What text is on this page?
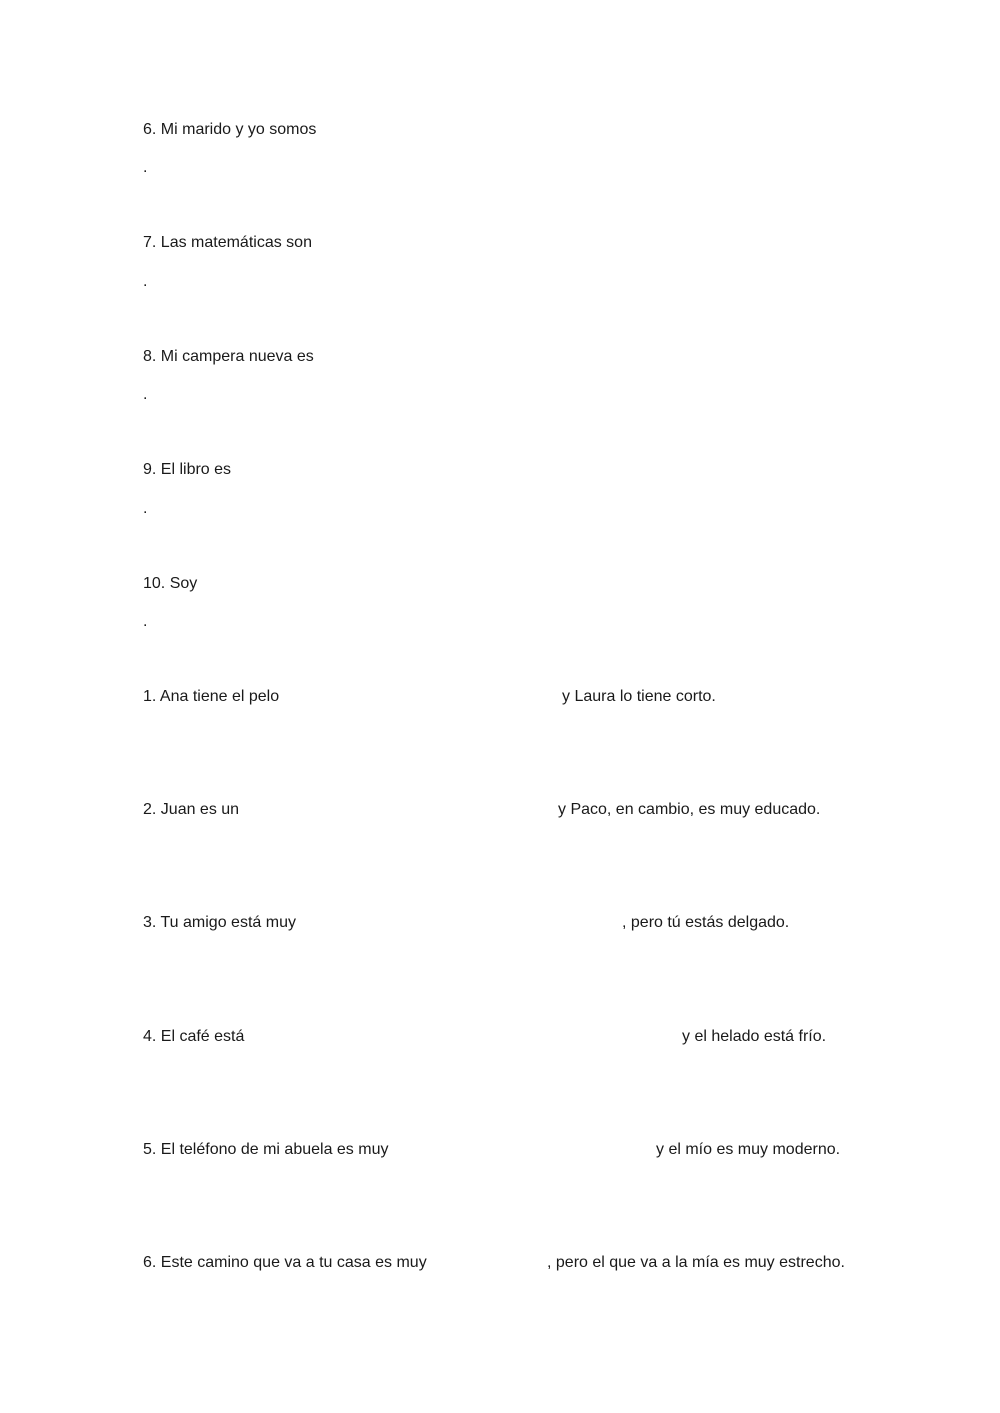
6. Mi marido y yo somos
.
7. Las matemáticas son
.
8. Mi campera nueva es
.
9. El libro es
.
10. Soy
.
1. Ana tiene el pelo	y Laura lo tiene corto.
2. Juan es un	y Paco, en cambio, es muy educado.
3. Tu amigo está muy	, pero tú estás delgado.
4. El café está	y el helado está frío.
5. El teléfono de mi abuela es muy	y el mío es muy moderno.
6. Este camino que va a tu casa es muy	, pero el que va a la mía es muy estrecho.
